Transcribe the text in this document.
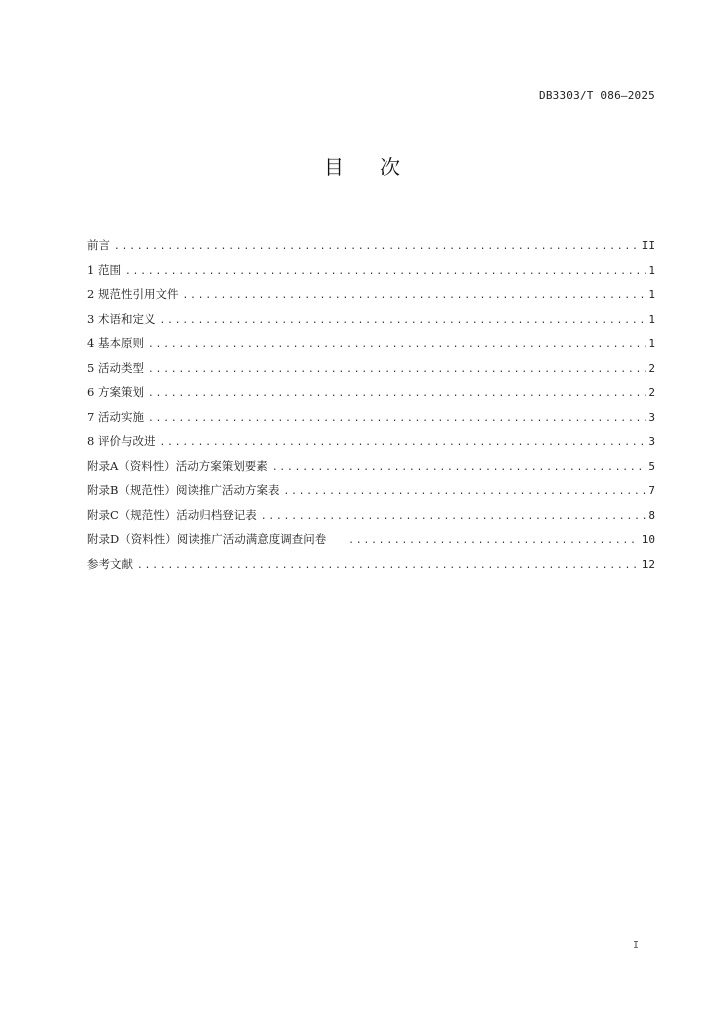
DB3303/T 086—2025
目 次
前言 .....	II
1 范围 .....	1
2 规范性引用文件 .....	1
3 术语和定义 .....	1
4 基本原则 .....	1
5 活动类型 .....	2
6 方案策划 .....	2
7 活动实施 .....	3
8 评价与改进 .....	3
附录A（资料性）活动方案策划要素 .....	5
附录B（规范性）阅读推广活动方案表 .....	7
附录C（规范性）活动归档登记表 .....	8
附录D（资料性）阅读推广活动满意度调查问卷 .....	10
参考文献 .....	12
I
